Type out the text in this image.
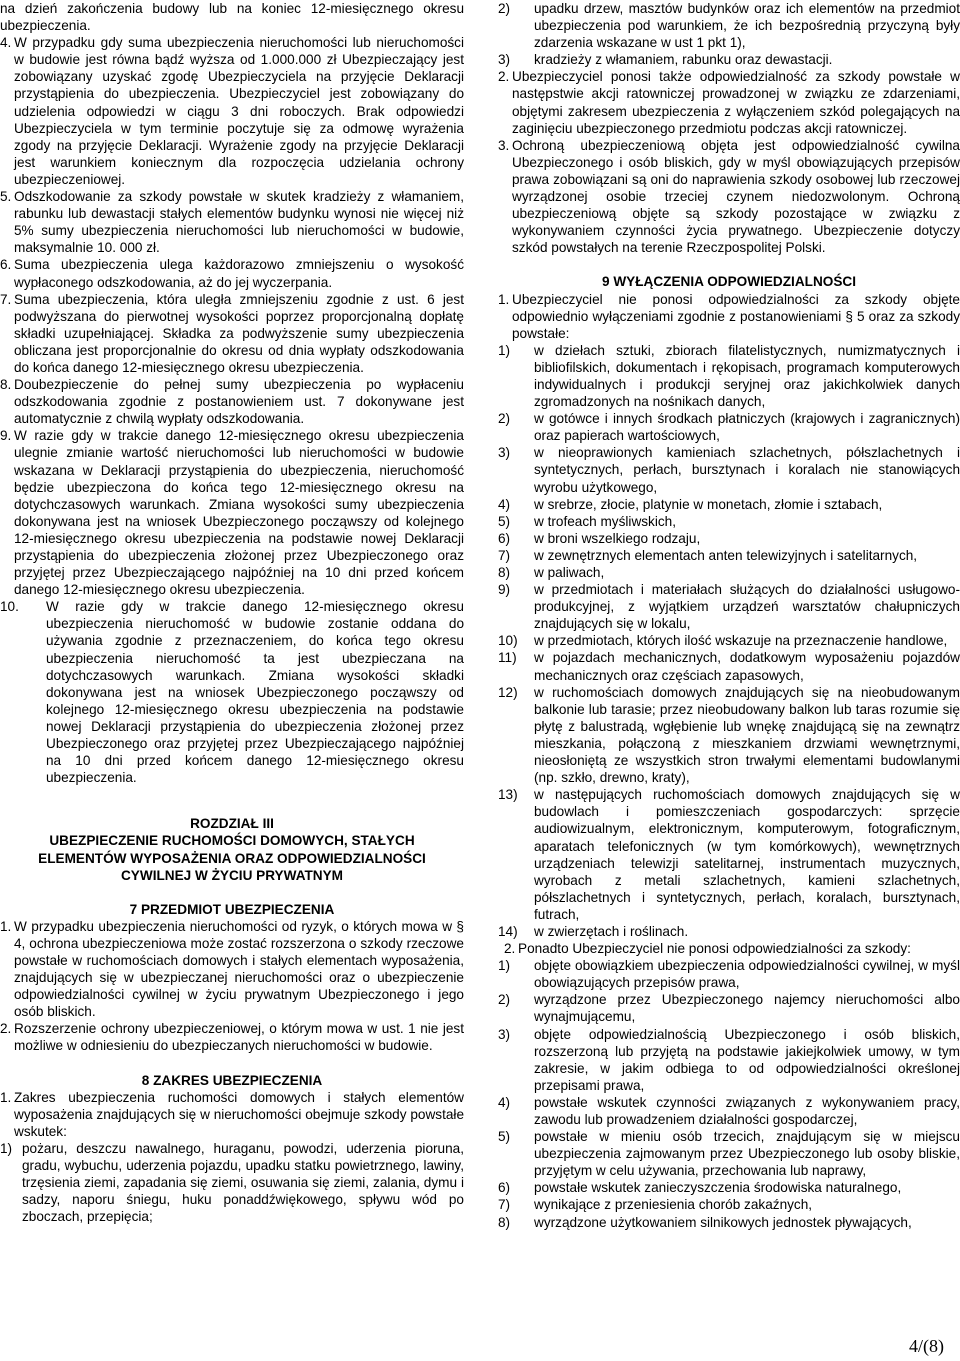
na dzień zakończenia budowy lub na koniec 12-miesięcznego okresu ubezpieczenia.

4. W przypadku gdy suma ubezpieczenia nieruchomości lub nieruchomości w budowie jest równa bądź wyższa od 1.000.000 zł Ubezpieczający jest zobowiązany uzyskać zgodę Ubezpieczyciela na przyjęcie Deklaracji przystąpienia do ubezpieczenia. Ubezpieczyciel jest zobowiązany do udzielenia odpowiedzi w ciągu 3 dni roboczych. Brak odpowiedzi Ubezpieczyciela w tym terminie poczytuje się za odmowę wyrażenia zgody na przyjęcie Deklaracji. Wyrażenie zgody na przyjęcie Deklaracji jest warunkiem koniecznym dla rozpoczęcia udzielania ochrony ubezpieczeniowej.
5. Odszkodowanie za szkody powstałe w skutek kradzieży z włamaniem, rabunku lub dewastacji stałych elementów budynku wynosi nie więcej niż 5% sumy ubezpieczenia nieruchomości lub nieruchomości w budowie, maksymalnie 10. 000 zł.
6. Suma ubezpieczenia ulega każdorazowo zmniejszeniu o wysokość wypłaconego odszkodowania, aż do jej wyczerpania.
7. Suma ubezpieczenia, która uległa zmniejszeniu zgodnie z ust. 6 jest podwyższana do pierwotnej wysokości poprzez proporcjonalną dopłatę składki uzupełniającej. Składka za podwyższenie sumy ubezpieczenia obliczana jest proporcjonalnie do okresu od dnia wypłaty odszkodowania do końca danego 12-miesięcznego okresu ubezpieczenia.
8. Doubezpieczenie do pełnej sumy ubezpieczenia po wypłaceniu odszkodowania zgodnie z postanowieniem ust. 7 dokonywane jest automatycznie z chwilą wypłaty odszkodowania.
9. W razie gdy w trakcie danego 12-miesięcznego okresu ubezpieczenia ulegnie zmianie wartość nieruchomości lub nieruchomości w budowie wskazana w Deklaracji przystąpienia do ubezpieczenia, nieruchomość będzie ubezpieczona do końca tego 12-miesięcznego okresu na dotychczasowych warunkach. Zmiana wysokości sumy ubezpieczenia dokonywana jest na wniosek Ubezpieczonego począwszy od kolejnego 12-miesięcznego okresu ubezpieczenia na podstawie nowej Deklaracji przystąpienia do ubezpieczenia złożonej przez Ubezpieczonego oraz przyjętej przez Ubezpieczającego najpóźniej na 10 dni przed końcem danego 12-miesięcznego okresu ubezpieczenia.
10.	W razie gdy w trakcie danego 12-miesięcznego okresu ubezpieczenia nieruchomość w budowie zostanie oddana do używania zgodnie z przeznaczeniem, do końca tego okresu ubezpieczenia nieruchomość ta jest ubezpieczana na dotychczasowych warunkach. Zmiana wysokości składki dokonywana jest na wniosek Ubezpieczonego począwszy od kolejnego 12-miesięcznego okresu ubezpieczenia na podstawie nowej Deklaracji przystąpienia do ubezpieczenia złożonej przez Ubezpieczonego oraz przyjętej przez Ubezpieczającego najpóźniej na 10 dni przed końcem danego 12-miesięcznego okresu ubezpieczenia.

ROZDZIAŁ III

UBEZPIECZENIE RUCHOMOŚCI DOMOWYCH, STAŁYCH ELEMENTÓW WYPOSAŻENIA ORAZ ODPOWIEDZIALNOŚCI CYWILNEJ W ŻYCIU PRYWATNYM

7 PRZEDMIOT UBEZPIECZENIA

1. W przypadku ubezpieczenia nieruchomości od ryzyk, o których mowa w § 4, ochrona ubezpieczeniowa może zostać rozszerzona o szkody rzeczowe powstałe w ruchomościach domowych i stałych elementach wyposażenia, znajdujących się w ubezpieczanej nieruchomości oraz o ubezpieczenie odpowiedzialności cywilnej w życiu prywatnym Ubezpieczonego i jego osób bliskich.
2. Rozszerzenie ochrony ubezpieczeniowej, o którym mowa w ust. 1 nie jest możliwe w odniesieniu do ubezpieczanych nieruchomości w budowie.

8 ZAKRES UBEZPIECZENIA

1. Zakres ubezpieczenia ruchomości domowych i stałych elementów wyposażenia znajdujących się w nieruchomości obejmuje szkody powstałe wskutek:
1) pożaru, deszczu nawalnego, huraganu, powodzi, uderzenia pioruna, gradu, wybuchu, uderzenia pojazdu, upadku statku powietrznego, lawiny, trzęsienia ziemi, zapadania się ziemi, osuwania się ziemi, zalania, dymu i sadzy, naporu śniegu, huku ponaddźwiękowego, spływu wód po zboczach, przepięcia;
2)	upadku drzew, masztów budynków oraz ich elementów na przedmiot ubezpieczenia pod warunkiem, że ich bezpośrednią przyczyną były zdarzenia wskazane w ust 1 pkt 1),
3)	kradzieży z włamaniem, rabunku oraz dewastacji.
2. Ubezpieczyciel ponosi także odpowiedzialność za szkody powstałe w następstwie akcji ratowniczej prowadzonej w związku ze zdarzeniami, objętymi zakresem ubezpieczenia z wyłączeniem szkód polegających na zaginięciu ubezpieczonego przedmiotu podczas akcji ratowniczej.
3. Ochroną ubezpieczeniową objęta jest odpowiedzialność cywilna Ubezpieczonego i osób bliskich, gdy w myśl obowiązujących przepisów prawa zobowiązani są oni do naprawienia szkody osobowej lub rzeczowej wyrządzonej osobie trzeciej czynem niedozwolonym. Ochroną ubezpieczeniową objęte są szkody pozostające w związku z wykonywaniem czynności życia prywatnego. Ubezpieczenie dotyczy szkód powstałych na terenie Rzeczpospolitej Polski.

9 WYŁĄCZENIA ODPOWIEDZIALNOŚCI

1. Ubezpieczyciel nie ponosi odpowiedzialności za szkody objęte odpowiednio wyłączeniami zgodnie z postanowieniami § 5 oraz za szkody powstałe:
1)	w dziełach sztuki, zbiorach filatelistycznych, numizmatycznych i bibliofilskich, dokumentach i rękopisach, programach komputerowych indywidualnych i produkcji seryjnej oraz jakichkolwiek danych zgromadzonych na nośnikach danych,
2)	w gotówce i innych środkach płatniczych (krajowych i zagranicznych) oraz papierach wartościowych,
3)	w nieoprawionych kamieniach szlachetnych, półszlachetnych i syntetycznych, perłach, bursztynach i koralach nie stanowiących wyrobu użytkowego,
4)	w srebrze, złocie, platynie w monetach, złomie i sztabach,
5)	w trofeach myśliwskich,
6)	w broni wszelkiego rodzaju,
7)	w zewnętrznych elementach anten telewizyjnych i satelitarnych,
8)	w paliwach,
9)	w przedmiotach i materiałach służących do działalności usługowo-produkcyjnej, z wyjątkiem urządzeń warsztatów chałupniczych znajdujących się w lokalu,
10)	w przedmiotach, których ilość wskazuje na przeznaczenie handlowe,
11)	w pojazdach mechanicznych, dodatkowym wyposażeniu pojazdów mechanicznych oraz częściach zapasowych,
12)	w ruchomościach domowych znajdujących się na nieobudowanym balkonie lub tarasie; przez nieobudowany balkon lub taras rozumie się płytę z balustradą, wgłębienie lub wnękę znajdującą się na zewnątrz mieszkania, połączoną z mieszkaniem drzwiami wewnętrznymi, nieosłoniętą ze wszystkich stron trwałymi elementami budowlanymi (np. szkło, drewno, kraty),
13)	w następujących ruchomościach domowych znajdujących się w budowlach i pomieszczeniach gospodarczych: sprzęcie audiowizualnym, elektronicznym, komputerowym, fotograficznym, aparatach telefonicznych (w tym komórkowych), wewnętrznych urządzeniach telewizji satelitarnej, instrumentach muzycznych, wyrobach z metali szlachetnych, kamieni szlachetnych, półszlachetnych i syntetycznych, perłach, koralach, bursztynach, futrach,
14)	w zwierzętach i roślinach.
2. Ponadto Ubezpieczyciel nie ponosi odpowiedzialności za szkody:
1)	objęte obowiązkiem ubezpieczenia odpowiedzialności cywilnej, w myśl obowiązujących przepisów prawa,
2)	wyrządzone przez Ubezpieczonego najemcy nieruchomości albo wynajmującemu,
3)	objęte odpowiedzialnością Ubezpieczonego i osób bliskich, rozszerzoną lub przyjętą na podstawie jakiejkolwiek umowy, w tym zakresie, w jakim odbiega to od odpowiedzialności określonej przepisami prawa,
4)	powstałe wskutek czynności związanych z wykonywaniem pracy, zawodu lub prowadzeniem działalności gospodarczej,
5)	powstałe w mieniu osób trzecich, znajdującym się w miejscu ubezpieczenia zajmowanym przez Ubezpieczonego lub osoby bliskie, przyjętym w celu używania, przechowania lub naprawy,
6)	powstałe wskutek zanieczyszczenia środowiska naturalnego,
7)	wynikające z przeniesienia chorób zakaźnych,
8)	wyrządzone użytkowaniem silnikowych jednostek pływających,
4/(8)
